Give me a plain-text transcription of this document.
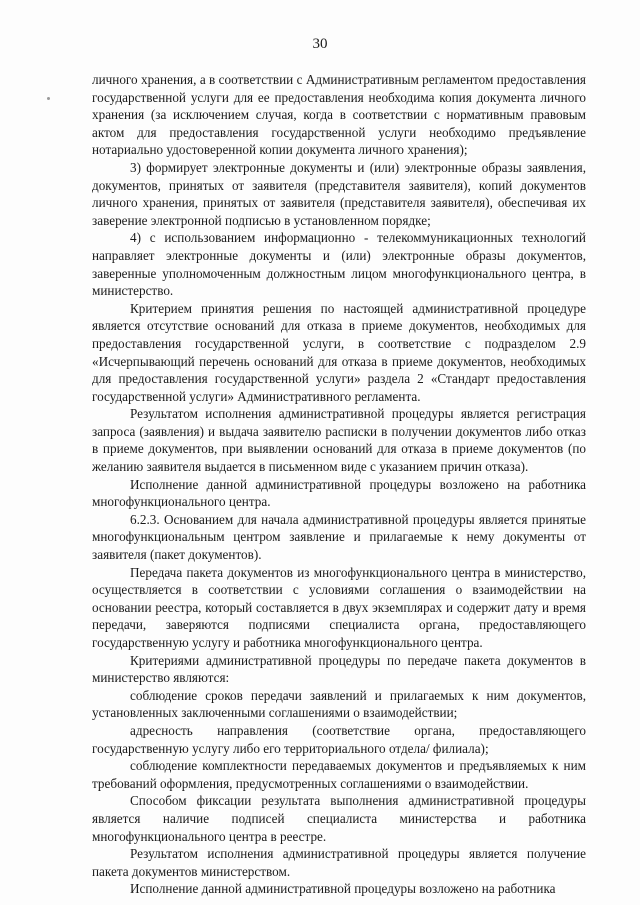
30

личного хранения, а в соответствии с Административным регламентом предоставления государственной услуги для ее предоставления необходима копия документа личного хранения (за исключением случая, когда в соответствии с нормативным правовым актом для предоставления государственной услуги необходимо предъявление нотариально удостоверенной копии документа личного хранения);

3) формирует электронные документы и (или) электронные образы заявления, документов, принятых от заявителя (представителя заявителя), копий документов личного хранения, принятых от заявителя (представителя заявителя), обеспечивая их заверение электронной подписью в установленном порядке;

4) с использованием информационно - телекоммуникационных технологий направляет электронные документы и (или) электронные образы документов, заверенные уполномоченным должностным лицом многофункционального центра, в министерство.

Критерием принятия решения по настоящей административной процедуре является отсутствие оснований для отказа в приеме документов, необходимых для предоставления государственной услуги, в соответствие с подразделом 2.9 «Исчерпывающий перечень оснований для отказа в приеме документов, необходимых для предоставления государственной услуги» раздела 2 «Стандарт предоставления государственной услуги» Административного регламента.

Результатом исполнения административной процедуры является регистрация запроса (заявления) и выдача заявителю расписки в получении документов либо отказ в приеме документов, при выявлении оснований для отказа в приеме документов (по желанию заявителя выдается в письменном виде с указанием причин отказа).

Исполнение данной административной процедуры возложено на работника многофункционального центра.

6.2.3. Основанием для начала административной процедуры является принятые многофункциональным центром заявление и прилагаемые к нему документы от заявителя (пакет документов).

Передача пакета документов из многофункционального центра в министерство, осуществляется в соответствии с условиями соглашения о взаимодействии на основании реестра, который составляется в двух экземплярах и содержит дату и время передачи, заверяются подписями специалиста органа, предоставляющего государственную услугу и работника многофункционального центра.

Критериями административной процедуры по передаче пакета документов в министерство являются:

соблюдение сроков передачи заявлений и прилагаемых к ним документов, установленных заключенными соглашениями о взаимодействии;

адресность направления (соответствие органа, предоставляющего государственную услугу либо его территориального отдела/ филиала);

соблюдение комплектности передаваемых документов и предъявляемых к ним требований оформления, предусмотренных соглашениями о взаимодействии.

Способом фиксации результата выполнения административной процедуры является наличие подписей специалиста министерства и работника многофункционального центра в реестре.

Результатом исполнения административной процедуры является получение пакета документов министерством.

Исполнение данной административной процедуры возложено на работника
